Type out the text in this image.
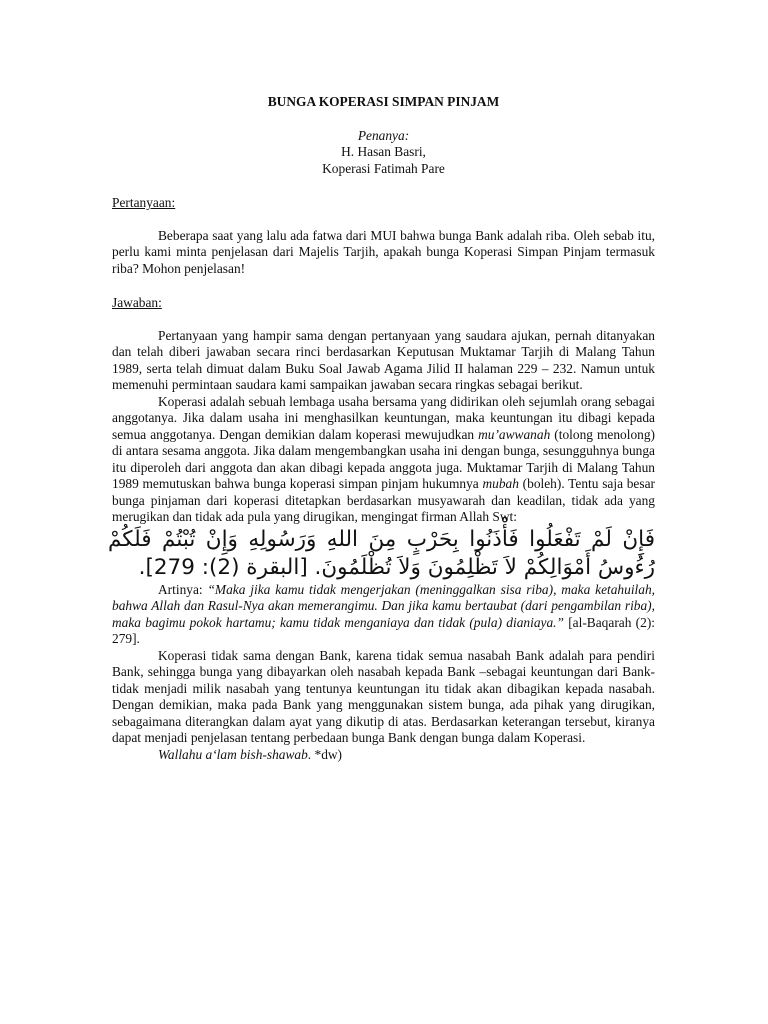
BUNGA KOPERASI SIMPAN PINJAM

Penanya:

H. Hasan Basri,

Koperasi Fatimah Pare

Pertanyaan:

Beberapa saat yang lalu ada fatwa dari MUI bahwa bunga Bank adalah riba. Oleh sebab itu, perlu kami minta penjelasan dari Majelis Tarjih, apakah bunga Koperasi Simpan Pinjam termasuk riba? Mohon penjelasan!

Jawaban:

Pertanyaan yang hampir sama dengan pertanyaan yang saudara ajukan, pernah ditanyakan dan telah diberi jawaban secara rinci berdasarkan Keputusan Muktamar Tarjih di Malang Tahun 1989, serta telah dimuat dalam Buku Soal Jawab Agama Jilid II halaman 229 – 232. Namun untuk memenuhi permintaan saudara kami sampaikan jawaban secara ringkas sebagai berikut.

Koperasi adalah sebuah lembaga usaha bersama yang didirikan oleh sejumlah orang sebagai anggotanya. Jika dalam usaha ini menghasilkan keuntungan, maka keuntungan itu dibagi kepada semua anggotanya. Dengan demikian dalam koperasi mewujudkan mu’awwanah (tolong menolong) di antara sesama anggota. Jika dalam mengembangkan usaha ini dengan bunga, sesungguhnya bunga itu diperoleh dari anggota dan akan dibagi kepada anggota juga. Muktamar Tarjih di Malang Tahun 1989 memutuskan bahwa bunga koperasi simpan pinjam hukumnya mubah (boleh). Tentu saja besar bunga pinjaman dari koperasi ditetapkan berdasarkan musyawarah dan keadilan, tidak ada yang merugikan dan tidak ada pula yang dirugikan, mengingat firman Allah Swt:

فَإِنْ لَمْ تَفْعَلُوا فَأْذَنُوا بِحَرْبٍ مِنَ اللهِ وَرَسُولِهِ وَإِنْ تُبْتُمْ فَلَكُمْ رُءُوسُ أَمْوَالِكُمْ لاَ تَظْلِمُونَ وَلاَ تُظْلَمُونَ. [البقرة (2): 279].

Artinya: “Maka jika kamu tidak mengerjakan (meninggalkan sisa riba), maka ketahuilah, bahwa Allah dan Rasul-Nya akan memerangimu. Dan jika kamu bertaubat (dari pengambilan riba), maka bagimu pokok hartamu; kamu tidak menganiaya dan tidak (pula) dianiaya.” [al-Baqarah (2): 279].

Koperasi tidak sama dengan Bank, karena tidak semua nasabah Bank adalah para pendiri Bank, sehingga bunga yang dibayarkan oleh nasabah kepada Bank –sebagai keuntungan dari Bank- tidak menjadi milik nasabah yang tentunya keuntungan itu tidak akan dibagikan kepada nasabah. Dengan demikian, maka pada Bank yang menggunakan sistem bunga, ada pihak yang dirugikan, sebagaimana diterangkan dalam ayat yang dikutip di atas. Berdasarkan keterangan tersebut, kiranya dapat menjadi penjelasan tentang perbedaan bunga Bank dengan bunga dalam Koperasi.

Wallahu a‘lam bish-shawab. *dw)
